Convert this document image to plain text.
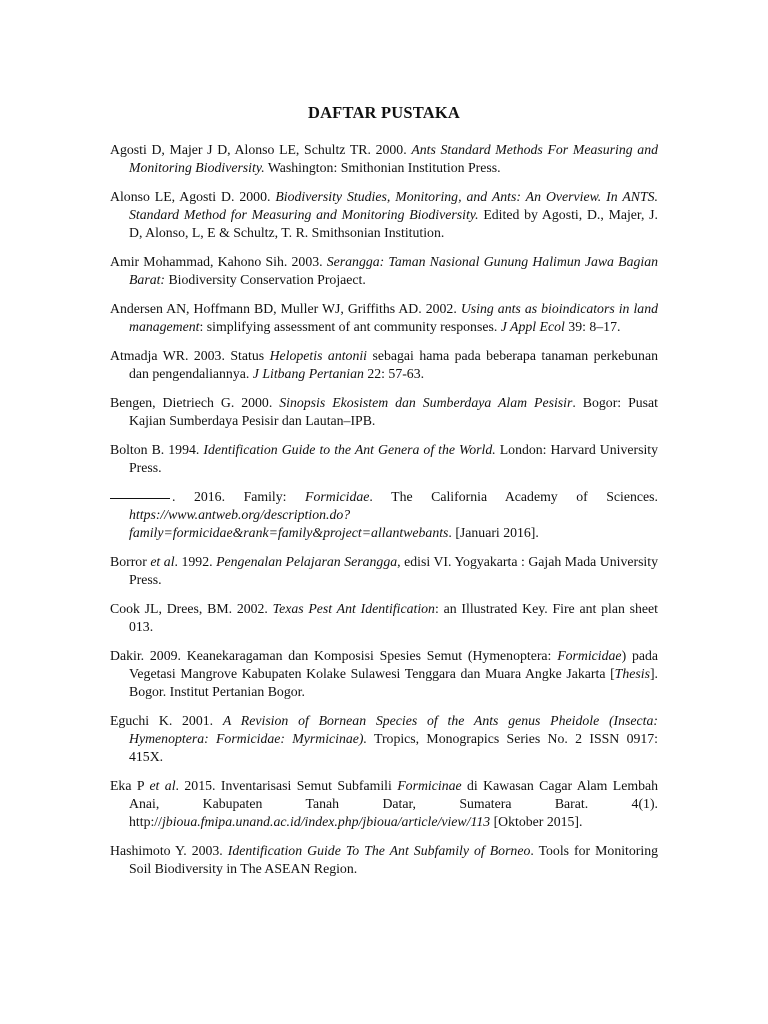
DAFTAR PUSTAKA

Agosti D, Majer J D, Alonso LE, Schultz TR. 2000. Ants Standard Methods For Measuring and Monitoring Biodiversity. Washington: Smithonian Institution Press.

Alonso LE, Agosti D. 2000. Biodiversity Studies, Monitoring, and Ants: An Overview. In ANTS. Standard Method for Measuring and Monitoring Biodiversity. Edited by Agosti, D., Majer, J. D, Alonso, L, E & Schultz, T. R. Smithsonian Institution.

Amir Mohammad, Kahono Sih. 2003. Serangga: Taman Nasional Gunung Halimun Jawa Bagian Barat: Biodiversity Conservation Projaect.

Andersen AN, Hoffmann BD, Muller WJ, Griffiths AD. 2002. Using ants as bioindicators in land management: simplifying assessment of ant community responses. J Appl Ecol 39: 8–17.

Atmadja WR. 2003. Status Helopetis antonii sebagai hama pada beberapa tanaman perkebunan dan pengendaliannya. J Litbang Pertanian 22: 57-63.

Bengen, Dietriech G. 2000. Sinopsis Ekosistem dan Sumberdaya Alam Pesisir. Bogor: Pusat Kajian Sumberdaya Pesisir dan Lautan–IPB.

Bolton B. 1994. Identification Guide to the Ant Genera of the World. London: Harvard University Press.

. 2016. Family: Formicidae. The California Academy of Sciences. https://www.antweb.org/description.do?family=formicidae&rank=family&project=allantwebants. [Januari 2016].

Borror et al. 1992. Pengenalan Pelajaran Serangga, edisi VI. Yogyakarta : Gajah Mada University Press.

Cook JL, Drees, BM. 2002. Texas Pest Ant Identification: an Illustrated Key. Fire ant plan sheet 013.

Dakir. 2009. Keanekaragaman dan Komposisi Spesies Semut (Hymenoptera: Formicidae) pada Vegetasi Mangrove Kabupaten Kolake Sulawesi Tenggara dan Muara Angke Jakarta [Thesis]. Bogor. Institut Pertanian Bogor.

Eguchi K. 2001. A Revision of Bornean Species of the Ants genus Pheidole (Insecta: Hymenoptera: Formicidae: Myrmicinae). Tropics, Monograpics Series No. 2 ISSN 0917: 415X.

Eka P et al. 2015. Inventarisasi Semut Subfamili Formicinae di Kawasan Cagar Alam Lembah Anai, Kabupaten Tanah Datar, Sumatera Barat. 4(1). http://jbioua.fmipa.unand.ac.id/index.php/jbioua/article/view/113 [Oktober 2015].

Hashimoto Y. 2003. Identification Guide To The Ant Subfamily of Borneo. Tools for Monitoring Soil Biodiversity in The ASEAN Region.
